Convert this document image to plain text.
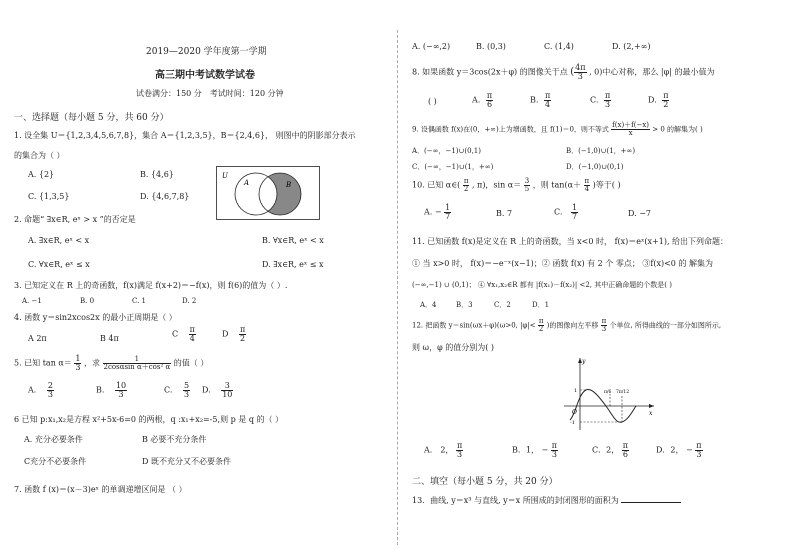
2019—2020 学年度第一学期
高三期中考试数学试卷
试卷满分：150 分　考试时间：120 分钟
一、选择题（每小题 5 分，共 60 分）
1. 设全集 U＝{1,2,3,4,5,6,7,8}，集合 A＝{1,2,3,5}，B＝{2,4,6}， 则图中的阴影部分表示
的集合为（ ）
A. {2}	B. {4,6}
C. {1,3,5}	D. {4,6,7,8}
U
A	B
2. 命题“ ∃x∈R, eˣ > x ”的否定是
A. ∃x∈R, eˣ < x	B. ∀x∈R, eˣ < x
C. ∀x∈R, eˣ ≤ x	D. ∃x∈R, eˣ ≤ x
3. 已知定义在 R 上的奇函数，f(x)满足 f(x+2)＝−f(x)，则 f(6)的值为（ ）.
A. −1	B. 0	C. 1	D. 2
4. 函数 y＝sin2xcos2x 的最小正周期是（ ）
A 2π	B 4π	C $\frac{\pi}{4}$	D $\frac{\pi}{2}$
5. 已知 $\tan \alpha= \frac{1}{3}$ ，求 $\frac{1}{\text{2cosαsin α＋cos² α}}$ 的值（ ）
A. $\frac{2}{3}$	B. $\frac{10}{3}$	C. $\frac{5}{3} D$. $\frac{3}{10}$
6 已知 p:x₁,x₂是方程 x²+5x-6=0 的两根，q :x₁+x₂=-5,则 p 是 q 的（ ）
A. 充分必要条件	B 必要不充分条件
C充分不必要条件	D 既不充分又不必要条件
7. 函数 f (x)＝(x－3)eˣ 的单调递增区间是 （ ）
A. (−∞,2)	B. (0,3)	C. (1,4)	D. (2,+∞)
8. 如果函数 y＝3cos(2x＋φ) 的图像关于点 ( $\frac{4\pi}{3}$ , 0)中心对称，那么 |φ| 的最小值为
( )	A. $\frac{\pi}{6}$	B. $\frac{\pi}{4}$	C. $\frac{\pi}{3}$	D. $\frac{\pi}{2}$
9. 设偶函数 f(x)在(0，+∞)上为增函数，且 f(1)＝0，则不等式 $\frac{f(x)+f(-x)}{x} > 0$ 的解集为( )
A．(−∞，−1)∪(0,1)	B．(−1,0)∪(1，+∞)
C．(−∞，−1)∪(1，+∞)	D．(−1,0)∪(0,1)
10. 已知 α∈( $\frac{\pi}{2}$ , π)，$\sin \alpha= \frac{3}{5}$ ，则 $\tan(\alpha+ \frac{\pi}{4}$ )等于( )
A. − $\frac{1}{7}$	B. 7	C. $\frac{1}{7}$	D. −7
11. 已知函数 f(x)是定义在 R 上的奇函数，当 x<0 时， f(x)＝eˣ(x+1), 给出下列命题：
① 当 x>0 时， f(x)＝−e⁻ˣ(x−1)；② 函数 f(x) 有 2 个 零点； ③f(x)<0 的 解集为
(−∞,−1) ∪ (0,1)； ④ ∀x₁,x₂∈R 都有 |f(x₁)－f(x₂)| <2, 其中正确命题的个数是( )
A．4	B．3	C．2	D．1
12. 把函数 y＝sin(ωx＋φ)(ω>0, $|\varphi|< \frac{\pi}{2}$ )的图像向左平移 $\frac{\pi}{3}$ 个单位, 所得曲线的一部分如图所示,
则 ω，φ 的值分别为( )
y
x
O
1
-1
π/6 7π/12
A． 2， $\frac{\pi}{3}$	B．1， − $\frac{\pi}{3}$	C．2， $\frac{\pi}{6}$	D．2， − $\frac{\pi}{3}$
二、填空（每小题 5 分，共 20 分）
13．曲线, y＝x³ 与直线, y＝x 所围成的封闭图形的面积为
